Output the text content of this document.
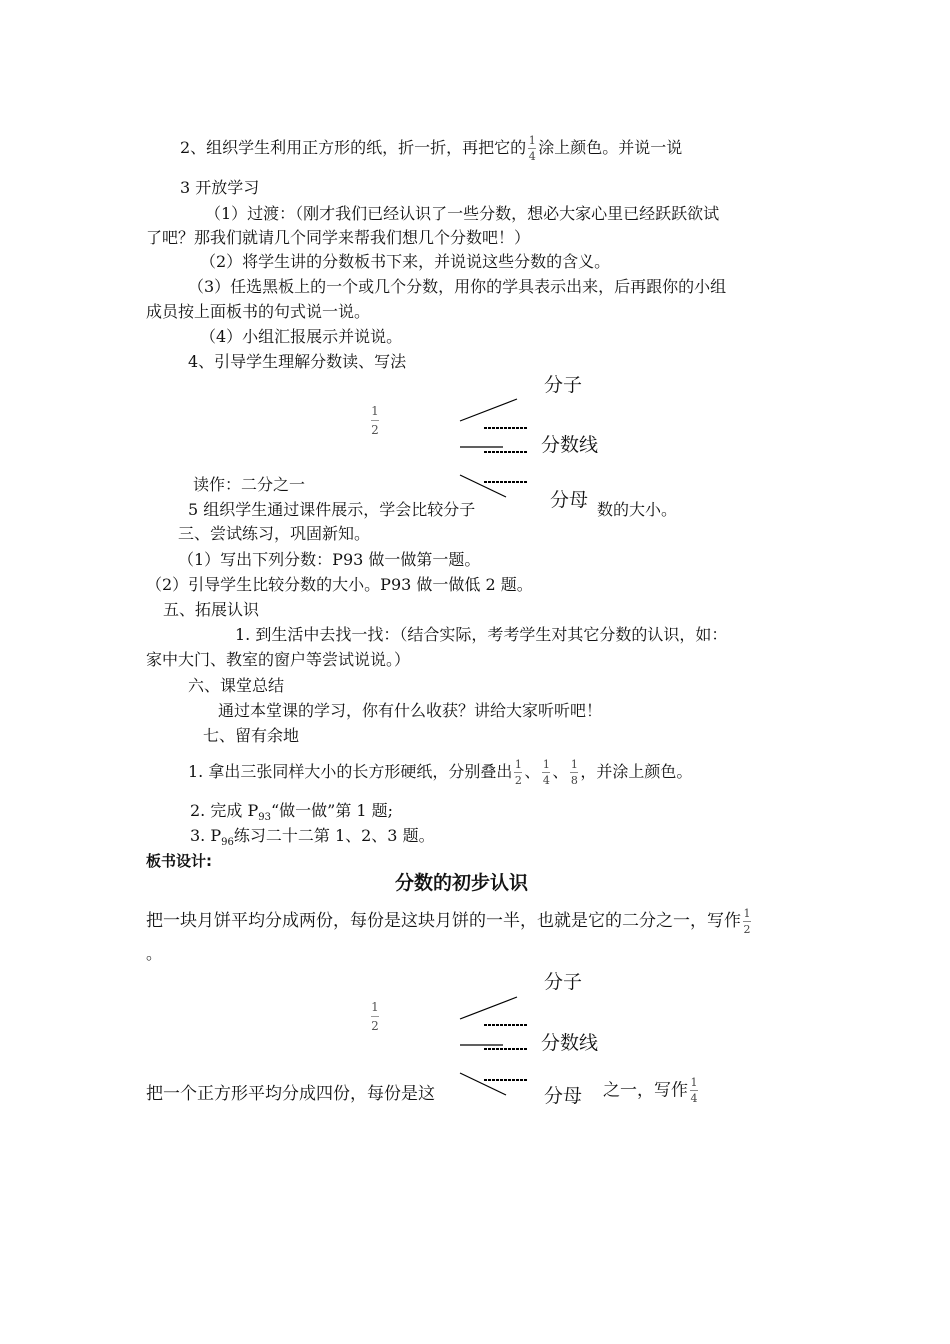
2、组织学生利用正方形的纸，折一折，再把它的 $\frac{1}{4}$ 涂上颜色。并说一说
3 开放学习
（1）过渡：（刚才我们已经认识了一些分数，想必大家心里已经跃跃欲试
了吧？那我们就请几个同学来帮我们想几个分数吧！）
（2）将学生讲的分数板书下来，并说说这些分数的含义。
（3）任选黑板上的一个或几个分数，用你的学具表示出来，后再跟你的小组
成员按上面板书的句式说一说。
（4）小组汇报展示并说说。
4、引导学生理解分数读、写法
1
2
分子
分数线
读作：二分之一
分母
5 组织学生通过课件展示，学会比较分子	数的大小。
三、尝试练习，巩固新知。
（1）写出下列分数：P93 做一做第一题。
（2）引导学生比较分数的大小。P93 做一做低 2 题。
五、拓展认识
1. 到生活中去找一找：（结合实际，考考学生对其它分数的认识，如：
家中大门、教室的窗户等尝试说说。）
六、课堂总结
通过本堂课的学习，你有什么收获？讲给大家听听吧！
七、留有余地
1. 拿出三张同样大小的长方形硬纸，分别叠出 $\frac{1}{2}$ 、 $\frac{1}{4}$ 、 $\frac{1}{8}$ ，并涂上颜色。
2. 完成 $P_{93}“$做一做”第 1 题;
3. $P_{96}$练习二十二第 1、2、3 题。
板书设计:
分数的初步认识
把一块月饼平均分成两份，每份是这块月饼的一半，也就是它的二分之一，写作 $\frac{1}{2}$
。
1
2
分子
分数线
把一个正方形平均分成四份，每份是这	分母	之一，写作 $\frac{1}{4}$
